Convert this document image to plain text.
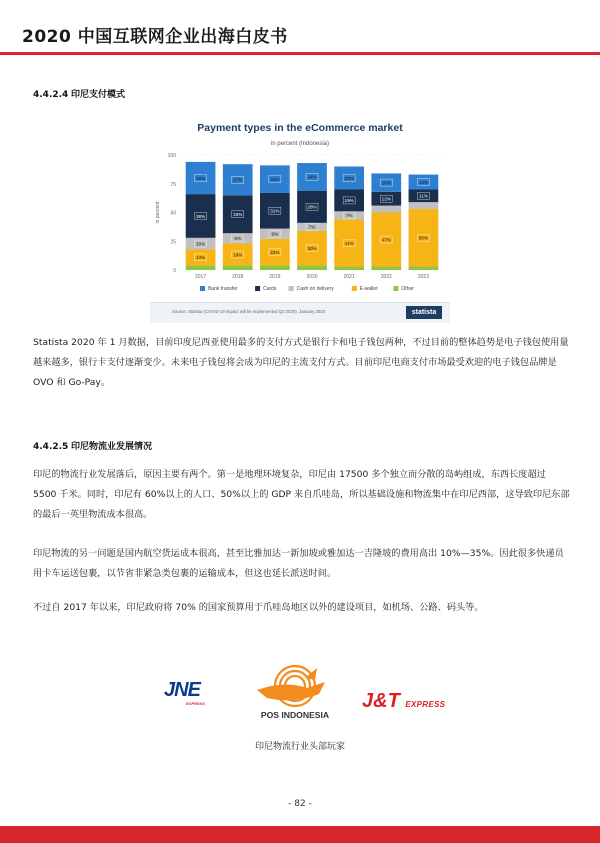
2020 中国互联网企业出海白皮书
4.4.2.4 印尼支付模式
Payment types in the eCommerce market
in percent (Indonesia)
in percent
0
25
50
75
100
14%
10%
38%
28%
2017
19%
9%
33%
27%
2018
23%
9%
31%
24%
2019
30%
7%
28%
24%
2020
41%
7%
19%
20%
2021
47%
12%
16%
2022
50%
11%
13%
2023
Bank transfer	Cards	Cash on delivery	E-wallet	Other
Source: Statista (COVID-19 impact will be implemented Q2 2020), January 2020	statista
Statista 2020 年 1 月数据，目前印度尼西亚使用最多的支付方式是银行卡和电子钱包两种，不过目前的整体趋势是电子钱包使用量越来越多，银行卡支付逐渐变少。未来电子钱包将会成为印尼的主流支付方式。目前印尼电商支付市场最受欢迎的电子钱包品牌是 OVO 和 Go-Pay。
4.4.2.5 印尼物流业发展情况
印尼的物流行业发展落后，原因主要有两个。第一是地理环境复杂，印尼由 17500 多个独立而分散的岛屿组成，东西长度超过 5500 千米。同时，印尼有 60%以上的人口、50%以上的 GDP 来自爪哇岛，所以基础设施和物流集中在印尼西部，这导致印尼东部的最后一英里物流成本很高。
印尼物流的另一问题是国内航空货运成本很高，甚至比雅加达一新加坡或雅加达一吉隆坡的费用高出 10%—35%。因此很多快递员用卡车运送包裹，以节省非紧急类包裹的运输成本，但这也延长派送时间。
不过自 2017 年以来，印尼政府将 70% 的国家预算用于爪哇岛地区以外的建设项目，如机场、公路、码头等。
JNE
EXPRESS
POS INDONESIA
J&T EXPRESS
印尼物流行业头部玩家
- 82 -
